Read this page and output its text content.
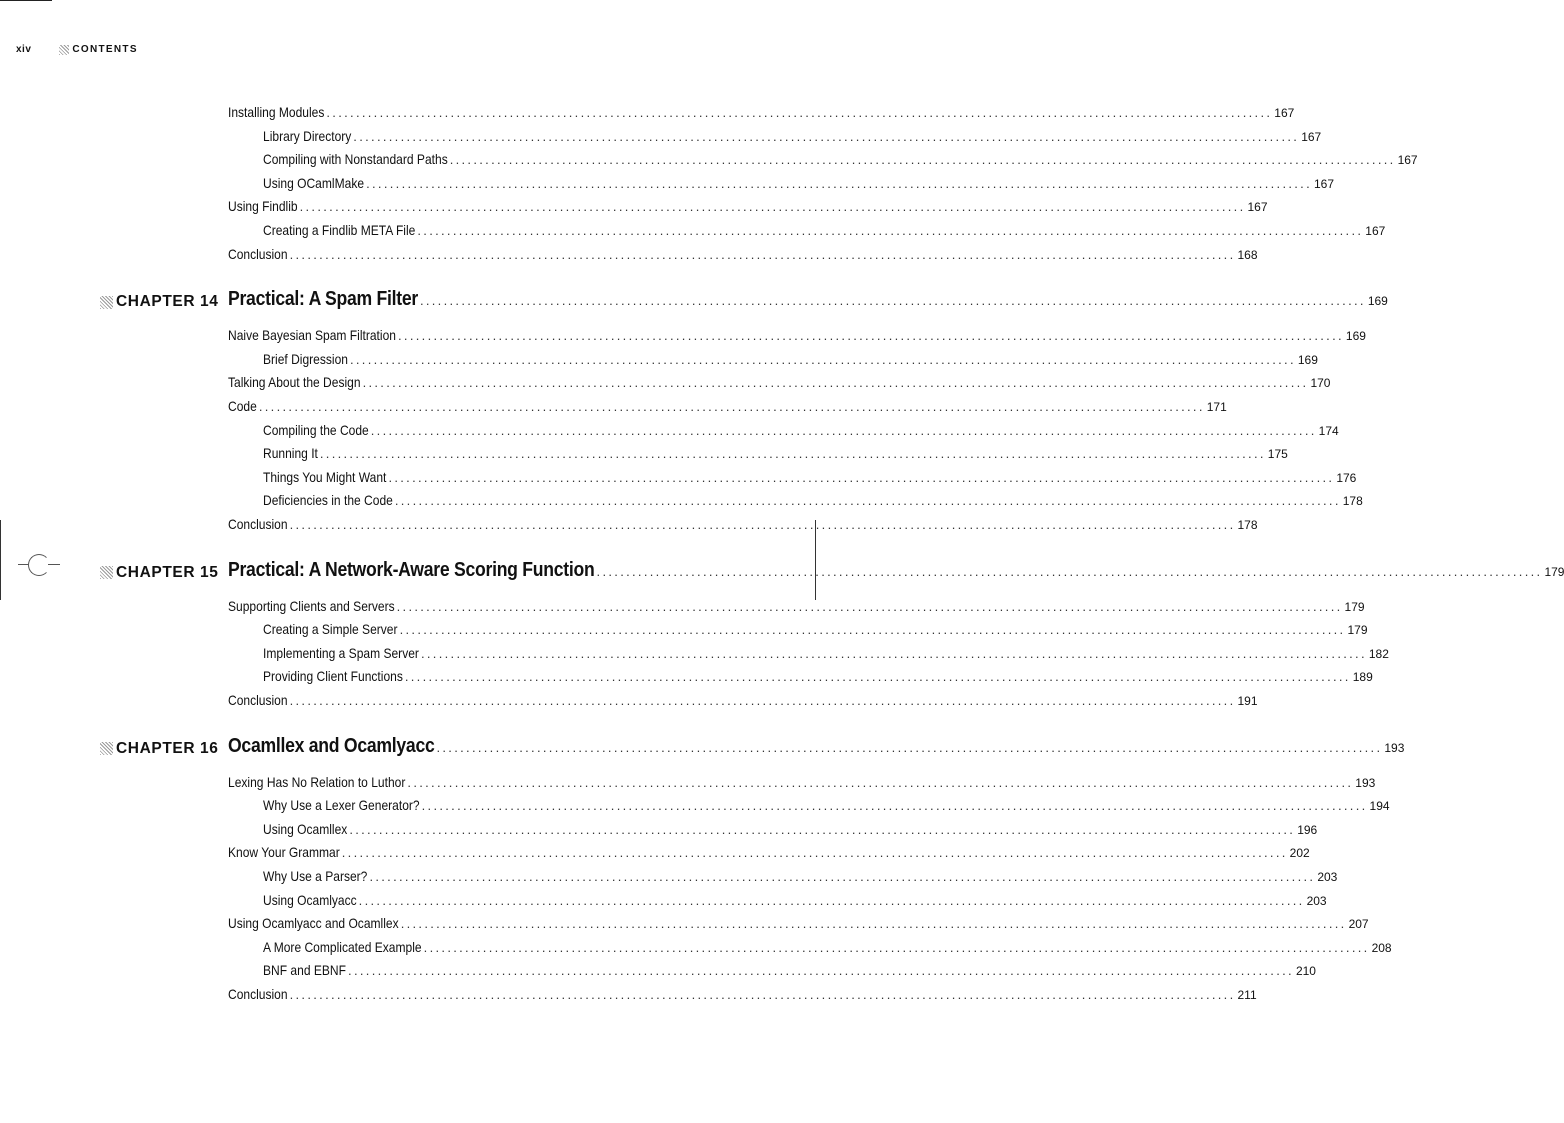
xiv	CONTENTS
Installing Modules ................................................................................................................................................................ 167
Library Directory ................................................................................................................................................................ 167
Compiling with Nonstandard Paths ................................................................................................................................................................ 167
Using OCamlMake ................................................................................................................................................................ 167
Using Findlib ................................................................................................................................................................ 167
Creating a Findlib META File ................................................................................................................................................................ 167
Conclusion ................................................................................................................................................................ 168
CHAPTER 14 Practical: A Spam Filter ................................................................................................................................................................ 169
Naive Bayesian Spam Filtration ................................................................................................................................................................ 169
Brief Digression ................................................................................................................................................................ 169
Talking About the Design ................................................................................................................................................................ 170
Code ................................................................................................................................................................ 171
Compiling the Code ................................................................................................................................................................ 174
Running It ................................................................................................................................................................ 175
Things You Might Want ................................................................................................................................................................ 176
Deficiencies in the Code ................................................................................................................................................................ 178
Conclusion ................................................................................................................................................................ 178
CHAPTER 15 Practical: A Network-Aware Scoring Function ................................................................................................................................................................ 179
Supporting Clients and Servers ................................................................................................................................................................ 179
Creating a Simple Server ................................................................................................................................................................ 179
Implementing a Spam Server ................................................................................................................................................................ 182
Providing Client Functions ................................................................................................................................................................ 189
Conclusion ................................................................................................................................................................ 191
CHAPTER 16 Ocamllex and Ocamlyacc ................................................................................................................................................................ 193
Lexing Has No Relation to Luthor ................................................................................................................................................................ 193
Why Use a Lexer Generator? ................................................................................................................................................................ 194
Using Ocamllex ................................................................................................................................................................ 196
Know Your Grammar ................................................................................................................................................................ 202
Why Use a Parser? ................................................................................................................................................................ 203
Using Ocamlyacc ................................................................................................................................................................ 203
Using Ocamlyacc and Ocamllex ................................................................................................................................................................ 207
A More Complicated Example ................................................................................................................................................................ 208
BNF and EBNF ................................................................................................................................................................ 210
Conclusion ................................................................................................................................................................ 211
